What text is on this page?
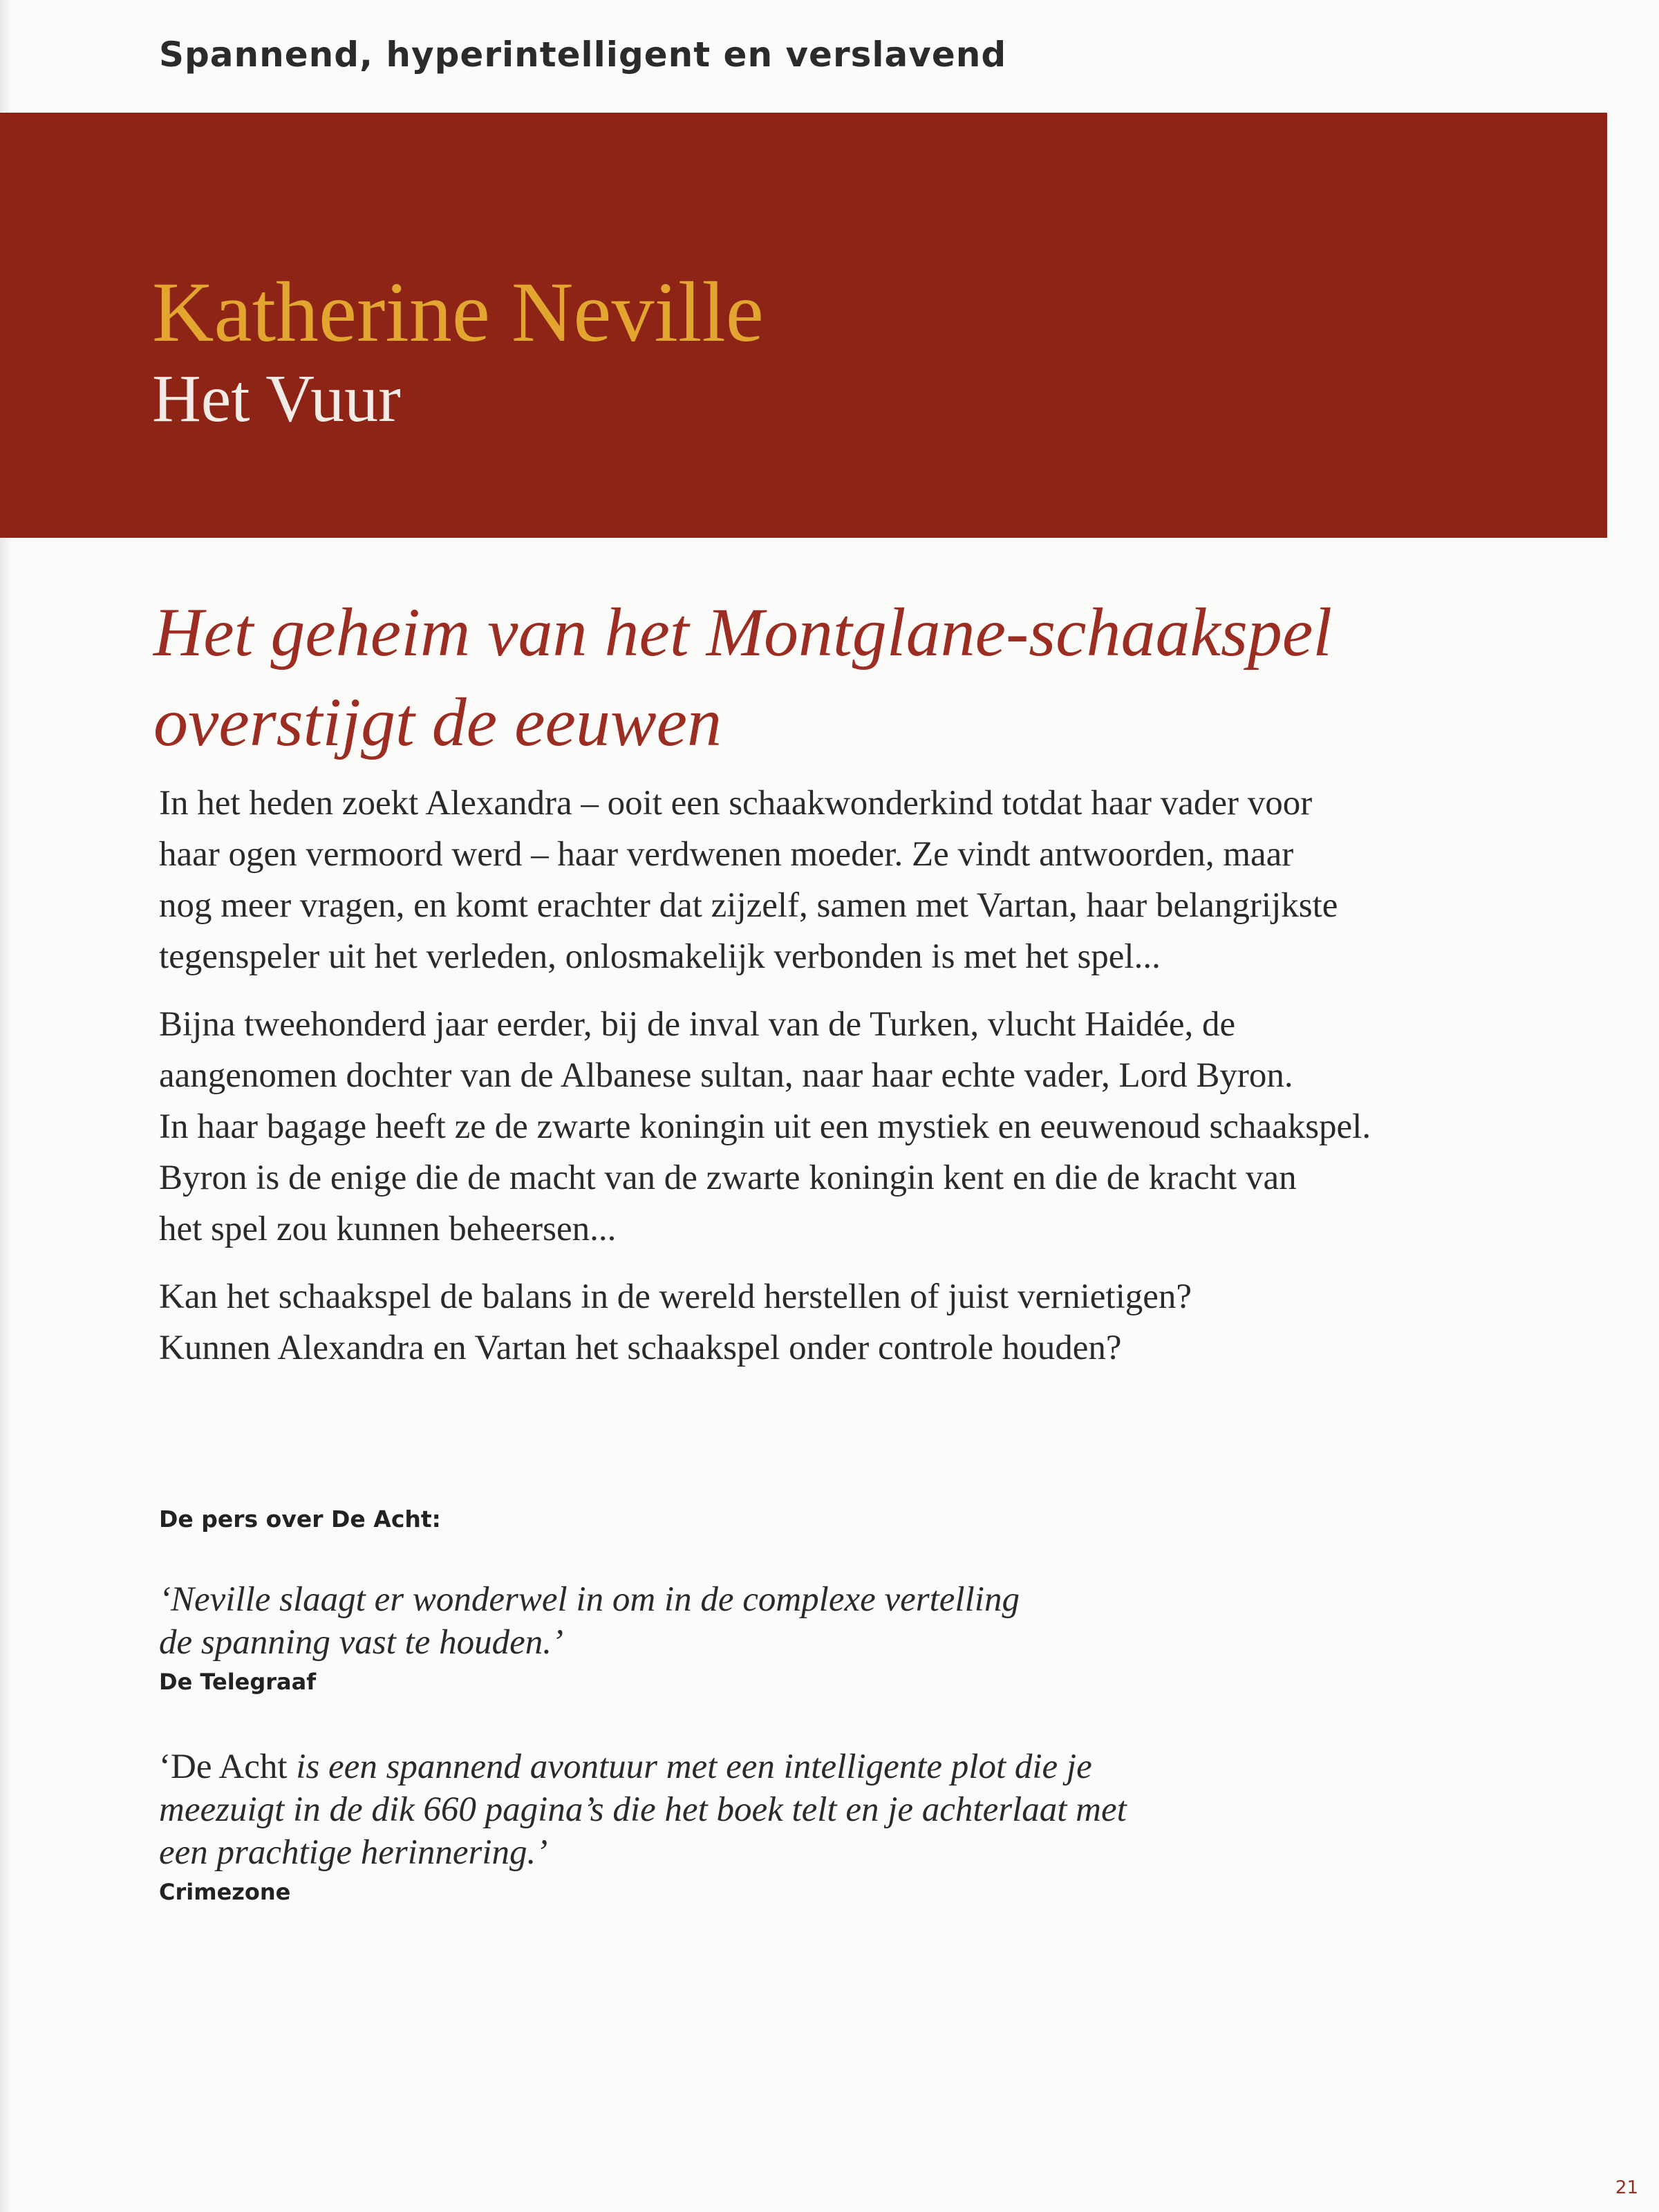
Spannend, hyperintelligent en verslavend
Katherine Neville
Het Vuur
Het geheim van het Montglane-schaakspel
overstijgt de eeuwen

In het heden zoekt Alexandra – ooit een schaakwonderkind totdat haar vader voor
haar ogen vermoord werd – haar verdwenen moeder. Ze vindt antwoorden, maar
nog meer vragen, en komt erachter dat zijzelf, samen met Vartan, haar belangrijkste
tegenspeler uit het verleden, onlosmakelijk verbonden is met het spel...

Bijna tweehonderd jaar eerder, bij de inval van de Turken, vlucht Haidée, de
aangenomen dochter van de Albanese sultan, naar haar echte vader, Lord Byron.
In haar bagage heeft ze de zwarte koningin uit een mystiek en eeuwenoud schaakspel.
Byron is de enige die de macht van de zwarte koningin kent en die de kracht van
het spel zou kunnen beheersen...

Kan het schaakspel de balans in de wereld herstellen of juist vernietigen?
Kunnen Alexandra en Vartan het schaakspel onder controle houden?

De pers over De Acht:
‘Neville slaagt er wonderwel in om in de complexe vertelling
de spanning vast te houden.’
De Telegraaf
‘De Acht is een spannend avontuur met een intelligente plot die je
meezuigt in de dik 660 pagina’s die het boek telt en je achterlaat met
een prachtige herinnering.’
Crimezone
21
